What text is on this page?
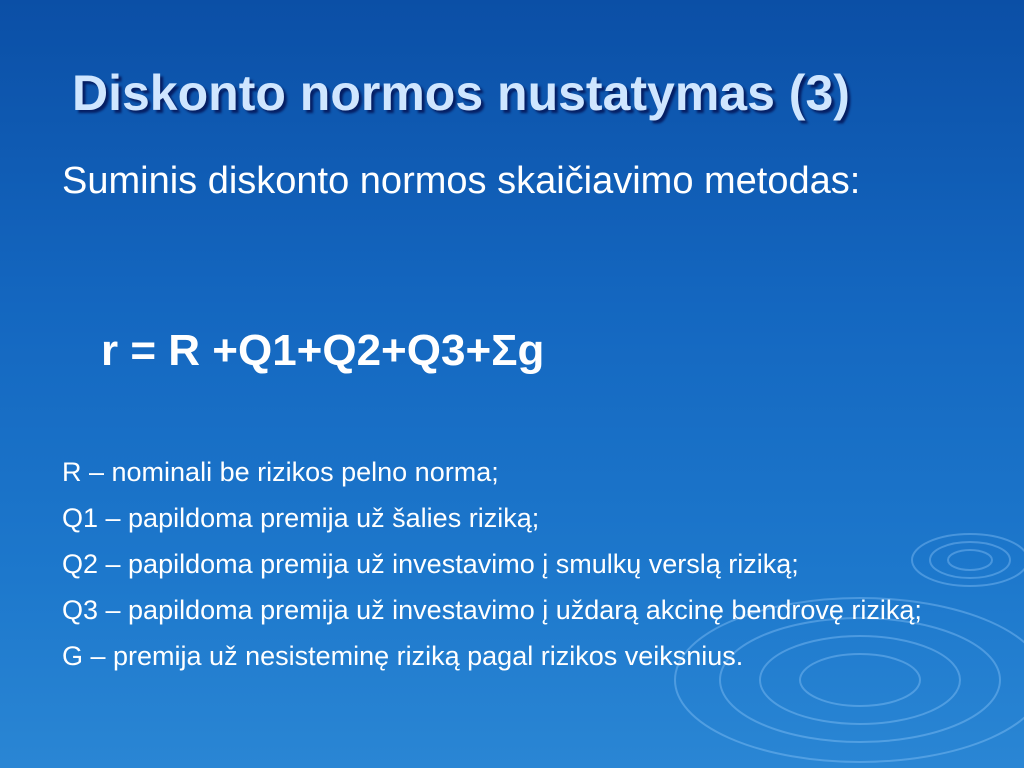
Diskonto normos nustatymas (3)

Suminis diskonto normos skaičiavimo metodas:

r = R +Q1+Q2+Q3+Σg

R – nominali be rizikos pelno norma;
Q1 – papildoma premija už šalies riziką;
Q2 – papildoma premija už investavimo į smulkų verslą riziką;
Q3 – papildoma premija už investavimo į uždarą akcinę bendrovę riziką;
G – premija už nesisteminę riziką pagal rizikos veiksnius.
